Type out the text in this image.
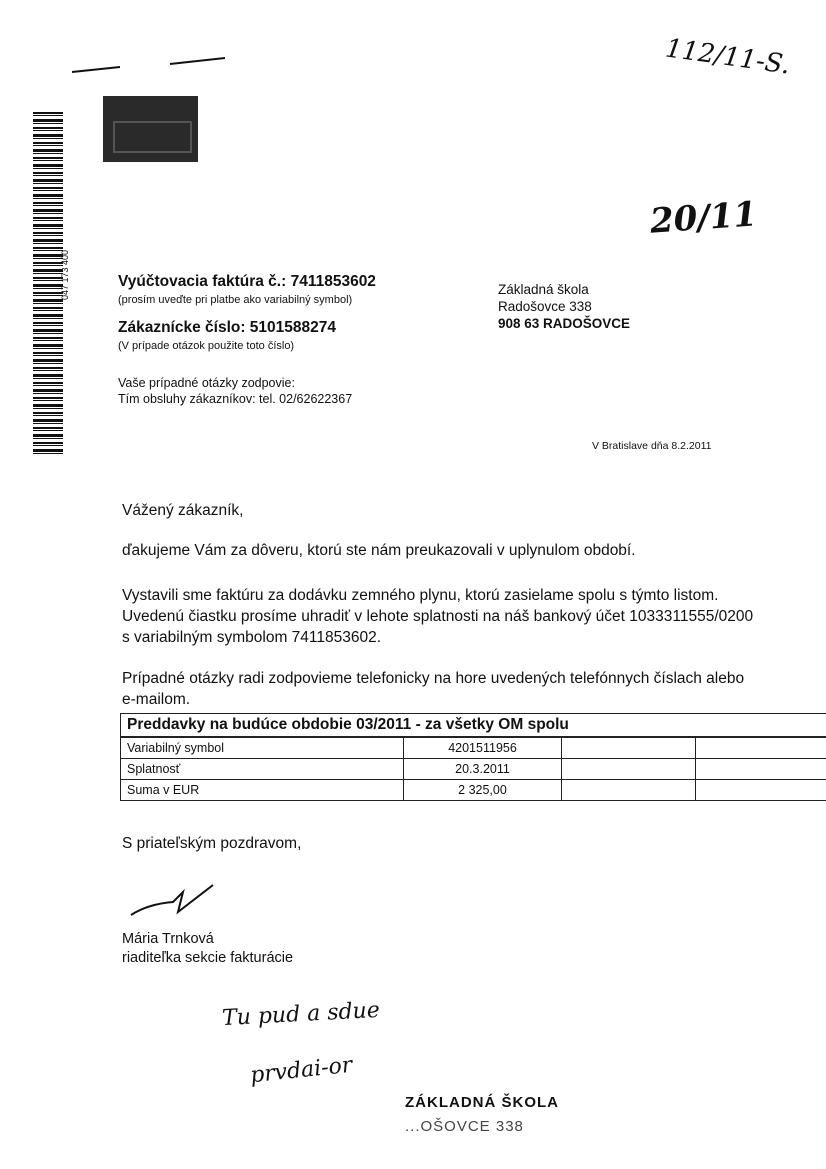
047 173 400
112/11-S.
20/11
Vyúčtovacia faktúra č.: 7411853602
(prosím uveďte pri platbe ako variabilný symbol)
Zákaznícke číslo: 5101588274
(V prípade otázok použite toto číslo)
Vaše prípadné otázky zodpovie:
Tím obsluhy zákazníkov: tel. 02/62622367
Základná škola
Radošovce 338
908 63 RADOŠOVCE
V Bratislave dňa 8.2.2011
Vážený zákazník,
ďakujeme Vám za dôveru, ktorú ste nám preukazovali v uplynulom období.
Vystavili sme faktúru za dodávku zemného plynu, ktorú zasielame spolu s týmto listom.
Uvedenú čiastku prosíme uhradiť v lehote splatnosti na náš bankový účet 1033311555/0200
s variabilným symbolom 7411853602.
Prípadné otázky radi zodpovieme telefonicky na hore uvedených telefónnych číslach alebo
e-mailom.
Preddavky na budúce obdobie 03/2011 - za všetky OM spolu			
Variabilný symbol	4201511956		
Splatnosť	20.3.2011		
Suma v EUR	2 325,00		
S priateľským pozdravom,
Mária Trnková
riaditeľka sekcie fakturácie
Tu pud a sdue
prvdai-or
ZÁKLADNÁ ŠKOLA
...OŠOVCE 338
